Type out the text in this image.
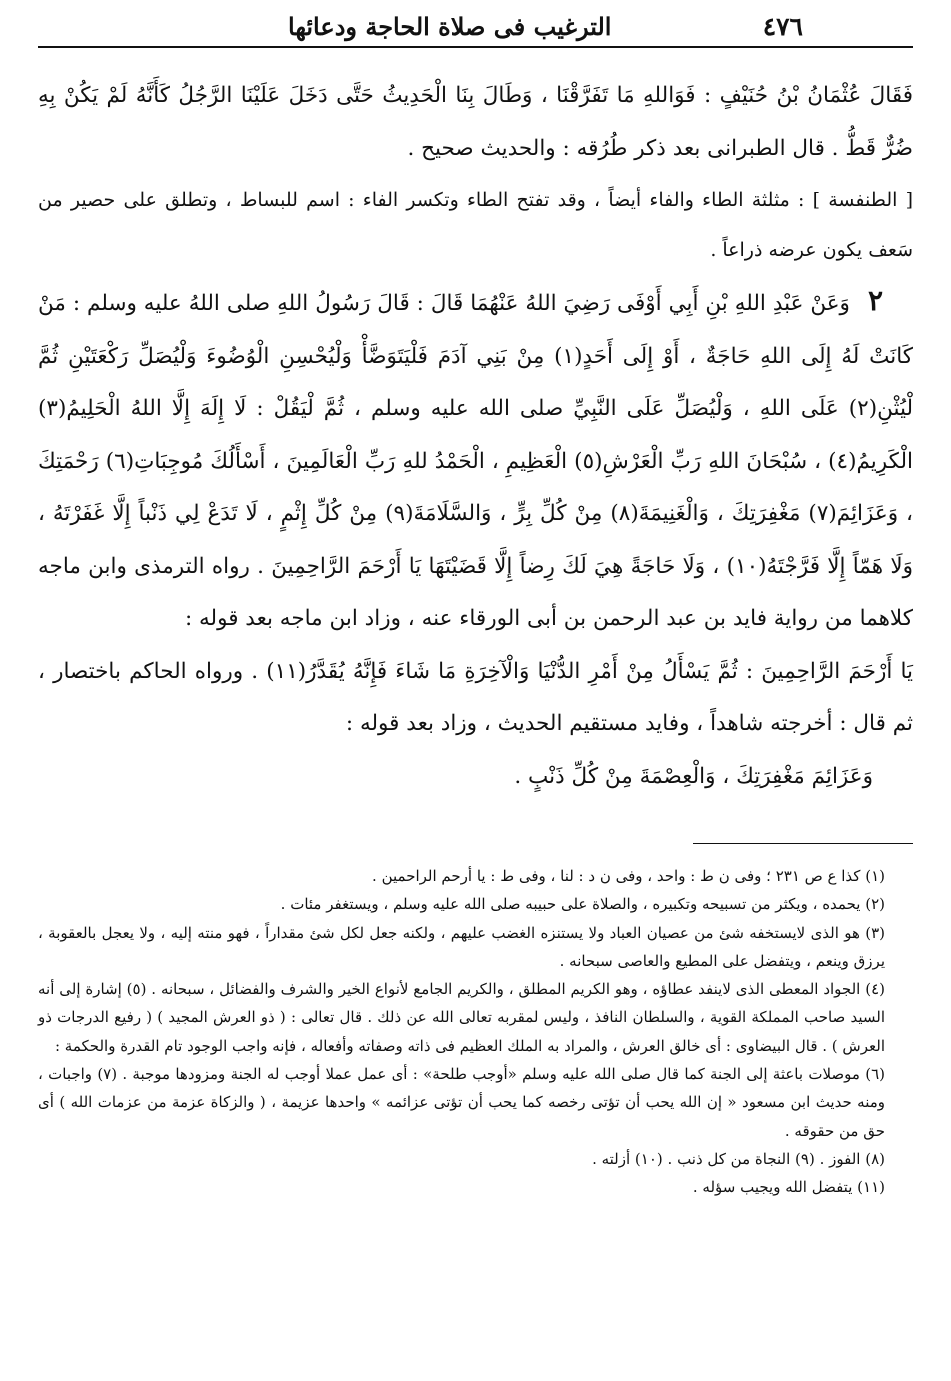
٤٧٦
الترغيب فى صلاة الحاجة ودعائها

فَقَالَ عُثْمَانُ بْنُ حُنَيْفٍ : فَوَاللهِ مَا تَفَرَّقْنَا ، وَطَالَ بِنَا الْحَدِيثُ حَتَّى دَخَلَ عَلَيْنَا الرَّجُلُ كَأَنَّهُ لَمْ يَكُنْ بِهِ ضُرٌّ قَطُّ . قال الطبرانى بعد ذكر طُرُقه : والحديث صحيح .

[ الطنفسة ] : مثلثة الطاء والفاء أيضاً ، وقد تفتح الطاء وتكسر الفاء : اسم للبساط ، وتطلق على حصير من سَعف يكون عرضه ذراعاً .

٢وَعَنْ عَبْدِ اللهِ بْنِ أَبِي أَوْفَى رَضِيَ اللهُ عَنْهُمَا قَالَ : قَالَ رَسُولُ اللهِ صلى اللهُ عليه وسلم : مَنْ كَانَتْ لَهُ إِلَى اللهِ حَاجَةٌ ، أَوْ إِلَى أَحَدٍ(١) مِنْ بَنِي آدَمَ فَلْيَتَوَضَّأْ وَلْيُحْسِنِ الْوُضُوءَ وَلْيُصَلِّ رَكْعَتَيْنِ ثُمَّ لْيُثْنِ(٢) عَلَى اللهِ ، وَلْيُصَلِّ عَلَى النَّبِيِّ صلى الله عليه وسلم ، ثُمَّ لْيَقُلْ : لَا إِلَهَ إِلَّا اللهُ الْحَلِيمُ(٣) الْكَرِيمُ(٤) ، سُبْحَانَ اللهِ رَبِّ الْعَرْشِ(٥) الْعَظِيمِ ، الْحَمْدُ للهِ رَبِّ الْعَالَمِينَ ، أَسْأَلُكَ مُوجِبَاتِ(٦) رَحْمَتِكَ ، وَعَزَائِمَ(٧) مَغْفِرَتِكَ ، وَالْغَنِيمَةَ(٨) مِنْ كُلِّ بِرٍّ ، وَالسَّلَامَةَ(٩) مِنْ كُلِّ إِثْمٍ ، لَا تَدَعْ لِي ذَنْباً إِلَّا غَفَرْتَهُ ، وَلَا هَمّاً إِلَّا فَرَّجْتَهُ(١٠) ، وَلَا حَاجَةً هِيَ لَكَ رِضاً إِلَّا قَضَيْتَهَا يَا أَرْحَمَ الرَّاحِمِينَ . رواه الترمذى وابن ماجه كلاهما من رواية فايد بن عبد الرحمن بن أبى الورقاء عنه ، وزاد ابن ماجه بعد قوله :

يَا أَرْحَمَ الرَّاحِمِينَ : ثُمَّ يَسْأَلُ مِنْ أَمْرِ الدُّنْيَا وَالْآخِرَةِ مَا شَاءَ فَإِنَّهُ يُقَدَّرُ(١١) . ورواه الحاكم باختصار ، ثم قال : أخرجته شاهداً ، وفايد مستقيم الحديث ، وزاد بعد قوله :

وَعَزَائِمَ مَغْفِرَتِكَ ، وَالْعِصْمَةَ مِنْ كُلِّ ذَنْبٍ .

(١) كذا ع ص ٢٣١ ؛ وفى ن ط : واحد ، وفى ن د : لنا ، وفى ط : يا أرحم الراحمين .

(٢) يحمده ، ويكثر من تسبيحه وتكبيره ، والصلاة على حبيبه صلى الله عليه وسلم ، ويستغفر مئات .

(٣) هو الذى لايستخفه شئ من عصيان العباد ولا يستنزه الغضب عليهم ، ولكنه جعل لكل شئ مقداراً ، فهو منته إليه ، ولا يعجل بالعقوبة ، يرزق وينعم ، ويتفضل على المطيع والعاصى سبحانه .

(٤) الجواد المعطى الذى لاينفد عطاؤه ، وهو الكريم المطلق ، والكريم الجامع لأنواع الخير والشرف والفضائل ، سبحانه . (٥) إشارة إلى أنه السيد صاحب المملكة القوية ، والسلطان النافذ ، وليس لمقربه تعالى الله عن ذلك . قال تعالى : ( ذو العرش المجيد ) ( رفيع الدرجات ذو العرش ) . قال البيضاوى : أى خالق العرش ، والمراد به الملك العظيم فى ذاته وصفاته وأفعاله ، فإنه واجب الوجود تام القدرة والحكمة :

(٦) موصلات باعثة إلى الجنة كما قال صلى الله عليه وسلم «أوجب طلحة» : أى عمل عملا أوجب له الجنة ومزودها موجبة . (٧) واجبات ، ومنه حديث ابن مسعود « إن الله يحب أن تؤتى رخصه كما يحب أن تؤتى عزائمه » واحدها عزيمة ، ( والزكاة عزمة من عزمات الله ) أى حق من حقوقه .

(٨) الفوز . (٩) النجاة من كل ذنب . (١٠) أزلته .

(١١) يتفضل الله ويجيب سؤله .
